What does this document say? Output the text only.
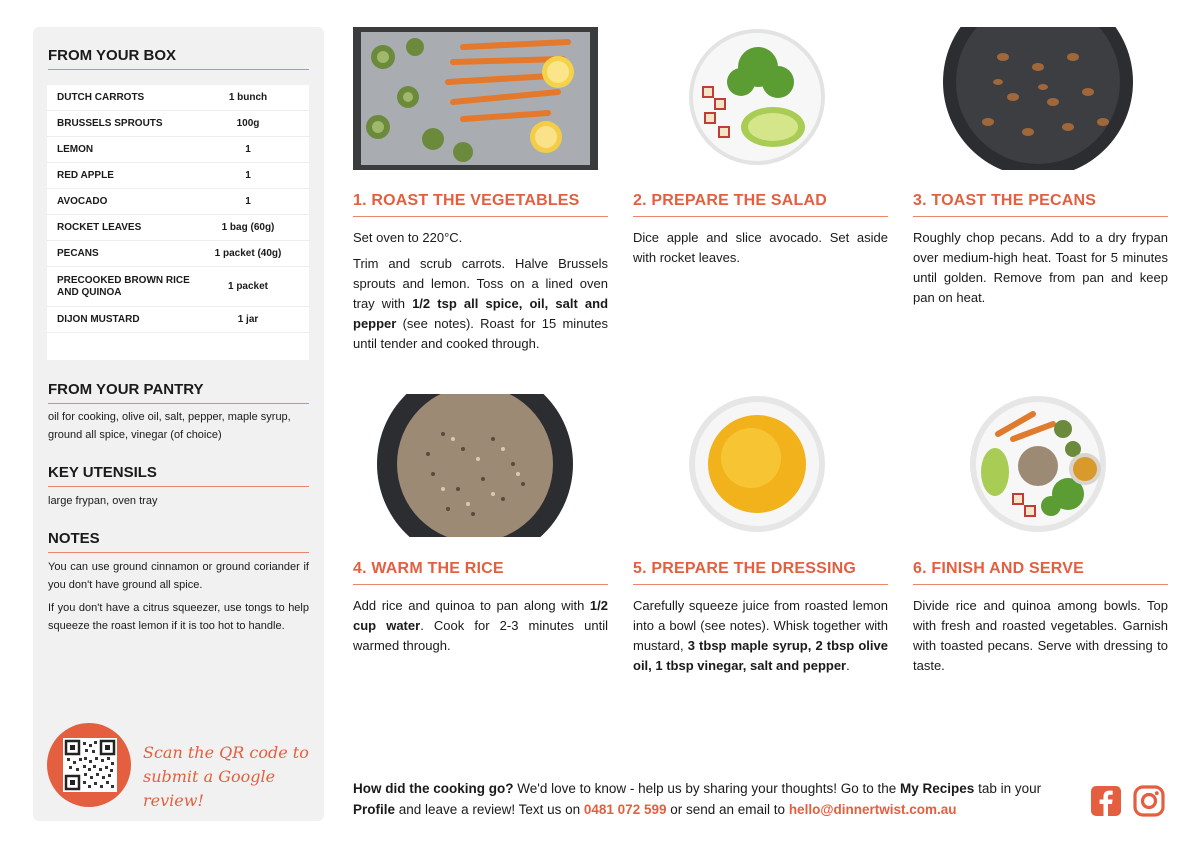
FROM YOUR BOX
DUTCH CARROTS	1 bunch
BRUSSELS SPROUTS	100g
LEMON	1
RED APPLE	1
AVOCADO	1
ROCKET LEAVES	1 bag (60g)
PECANS	1 packet (40g)
PRECOOKED BROWN RICE AND QUINOA	1 packet
DIJON MUSTARD	1 jar
FROM YOUR PANTRY
oil for cooking, olive oil, salt, pepper, maple syrup, ground all spice, vinegar (of choice)
KEY UTENSILS
large frypan, oven tray
NOTES

You can use ground cinnamon or ground coriander if you don't have ground all spice.

If you don't have a citrus squeezer, use tongs to help squeeze the roast lemon if it is too hot to handle.

Scan the QR code to
submit a Google review!
1. ROAST THE VEGETABLES

Set oven to 220°C.

Trim and scrub carrots. Halve Brussels sprouts and lemon. Toss on a lined oven tray with 1/2 tsp all spice, oil, salt and pepper (see notes). Roast for 15 minutes until tender and cooked through.

2. PREPARE THE SALAD

Dice apple and slice avocado. Set aside with rocket leaves.

3. TOAST THE PECANS

Roughly chop pecans. Add to a dry frypan over medium-high heat. Toast for 5 minutes until golden. Remove from pan and keep pan on heat.

4. WARM THE RICE

Add rice and quinoa to pan along with 1/2 cup water. Cook for 2-3 minutes until warmed through.

5. PREPARE THE DRESSING

Carefully squeeze juice from roasted lemon into a bowl (see notes). Whisk together with mustard, 3 tbsp maple syrup, 2 tbsp olive oil, 1 tbsp vinegar, salt and pepper.

6. FINISH AND SERVE

Divide rice and quinoa among bowls. Top with fresh and roasted vegetables. Garnish with toasted pecans. Serve with dressing to taste.

How did the cooking go? We'd love to know - help us by sharing your thoughts! Go to the My Recipes tab in your Profile and leave a review! Text us on 0481 072 599 or send an email to hello@dinnertwist.com.au
